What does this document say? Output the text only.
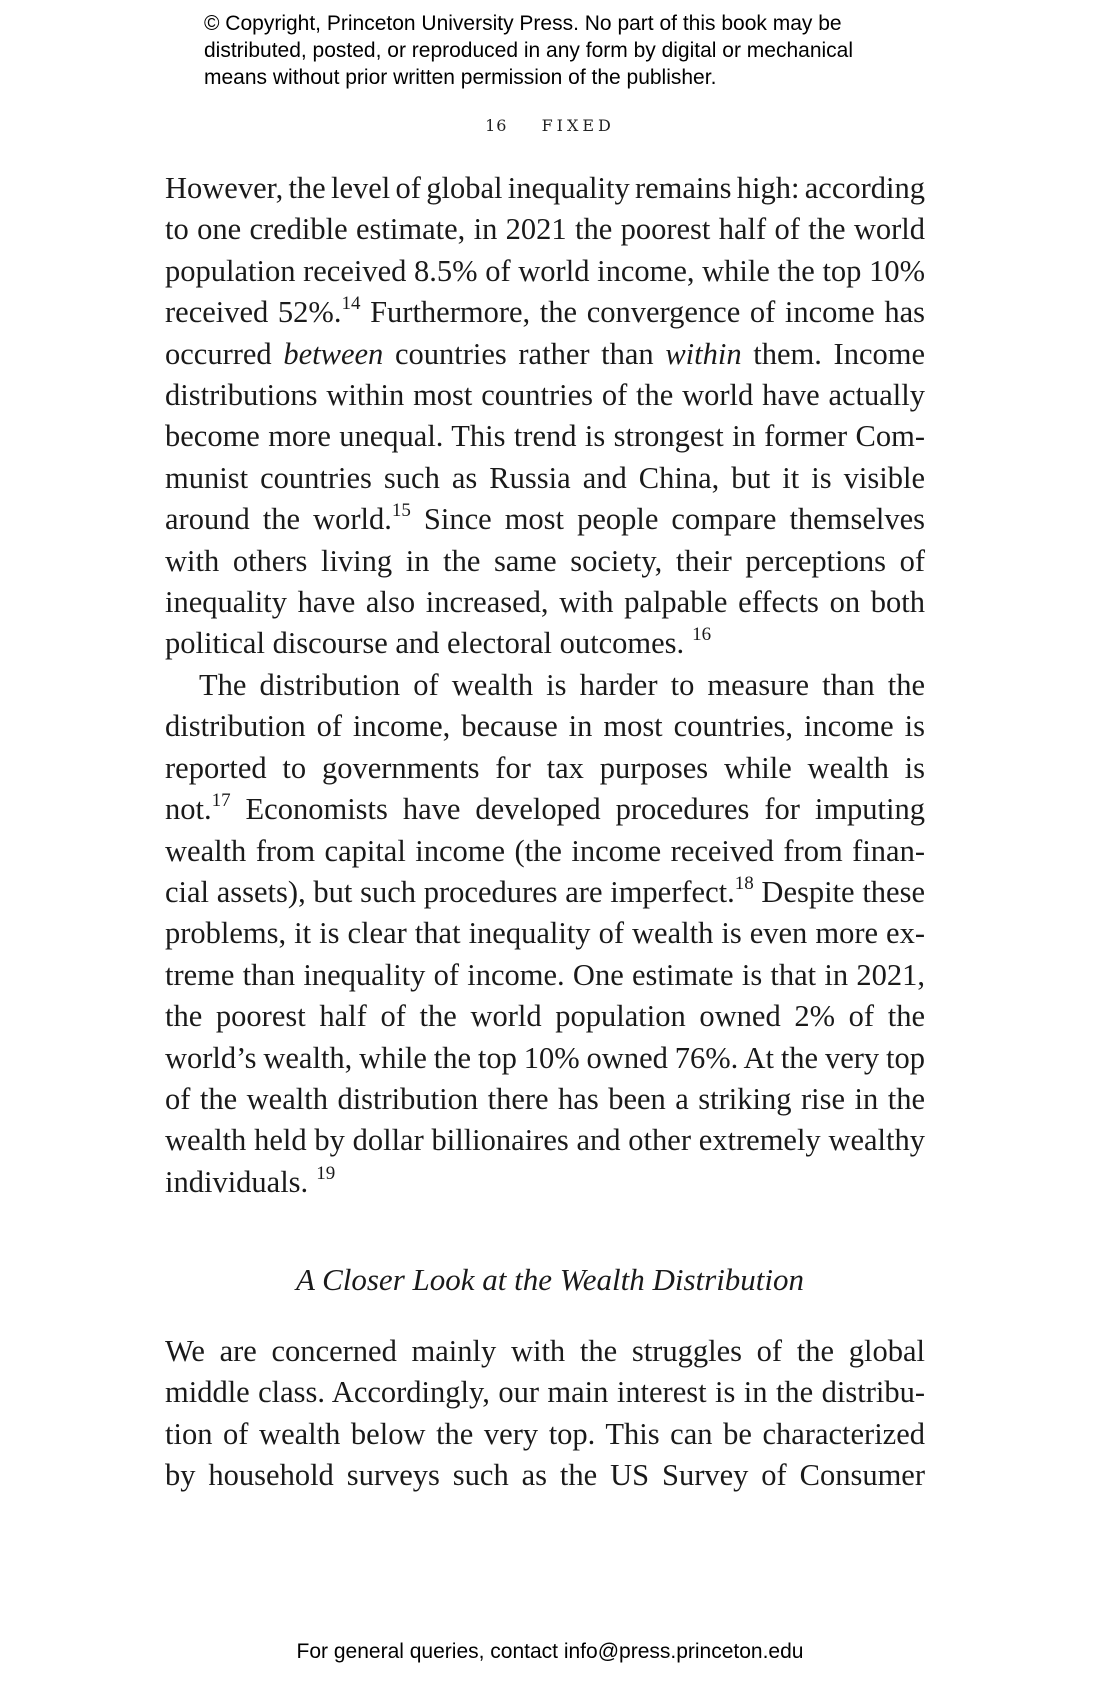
© Copyright, Princeton University Press. No part of this book may be
distributed, posted, or reproduced in any form by digital or mechanical
means without prior written permission of the publisher.
16 FIXED
However, the level of global inequality remains high: according
to one credible estimate, in 2021 the poorest half of the world
population received 8.5% of world income, while the top 10%
received 52%.$^{14}$ Furthermore, the convergence of income has
occurred between countries rather than within them. Income
distributions within most countries of the world have actually
become more unequal. This trend is strongest in former Com-
munist countries such as Russia and China, but it is visible
around the world.$^{15}$ Since most people compare themselves
with others living in the same society, their perceptions of
inequality have also increased, with palpable effects on both
political discourse and electoral outcomes. $^{16}$
The distribution of wealth is harder to measure than the
distribution of income, because in most countries, income is
reported to governments for tax purposes while wealth is
not.$^{17}$ Economists have developed procedures for imputing
wealth from capital income (the income received from finan-
cial assets), but such procedures are imperfect.$^{18}$ Despite these
problems, it is clear that inequality of wealth is even more ex-
treme than inequality of income. One estimate is that in 2021,
the poorest half of the world population owned 2% of the
world’s wealth, while the top 10% owned 76%. At the very top
of the wealth distribution there has been a striking rise in the
wealth held by dollar billionaires and other extremely wealthy
individuals. $^{19}$
A Closer Look at the Wealth Distribution
We are concerned mainly with the struggles of the global
middle class. Accordingly, our main interest is in the distribu-
tion of wealth below the very top. This can be characterized
by household surveys such as the US Survey of Consumer
For general queries, contact info@press.princeton.edu
